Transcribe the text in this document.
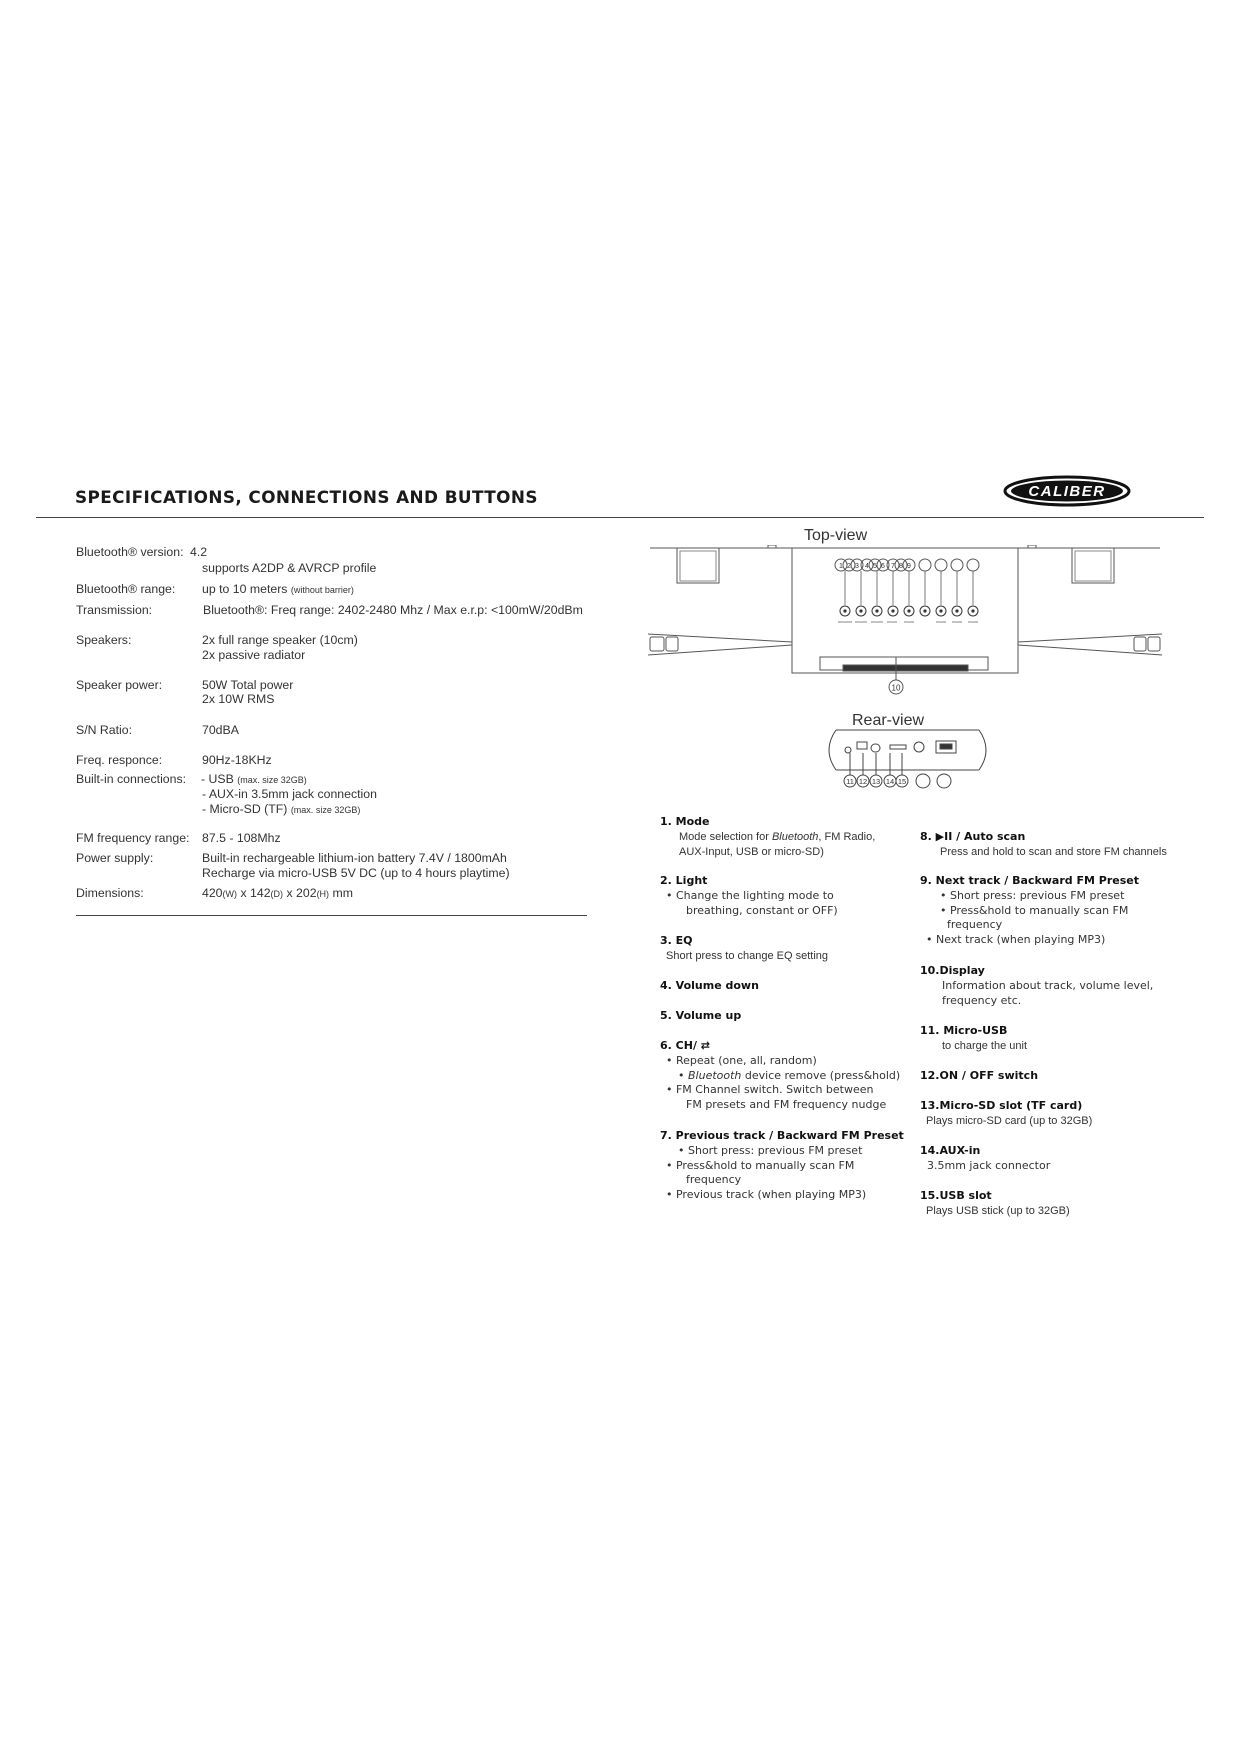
SPECIFICATIONS, CONNECTIONS AND BUTTONS	CALIBER
Bluetooth® version: 4.2
supports A2DP & AVRCP profile
Bluetooth® range: up to 10 meters (without barrier)
Transmission:	Bluetooth®: Freq range: 2402-2480 Mhz / Max e.r.p: <100mW/20dBm
Speakers:	2x full range speaker (10cm)
2x passive radiator
Speaker power:	50W Total power
2x 10W RMS
S/N Ratio:	70dBA
Freq. responce:	90Hz-18KHz
Built-in connections: - USB (max. size 32GB)
- AUX-in 3.5mm jack connection
- Micro-SD (TF) (max. size 32GB)
FM frequency range: 87.5 - 108Mhz
Power supply:	Built-in rechargeable lithium-ion battery 7.4V / 1800mAh
Recharge via micro-USB 5V DC (up to 4 hours playtime)
Dimensions:	420(W) x 142(D) x 202(H) mm
Top-view
10
1 2 3 4 5 6 7 8 9
Rear-view
11 12 13 14 15
1. Mode
Mode selection for Bluetooth, FM Radio,
AUX-Input, USB or micro-SD)
2. Light
• Change the lighting mode to
breathing, constant or OFF)
3. EQ
Short press to change EQ setting
4. Volume down
5. Volume up
6. CH/ ⇄
• Repeat (one, all, random)
• Bluetooth device remove (press&hold)
• FM Channel switch. Switch between
FM presets and FM frequency nudge
7. Previous track / Backward FM Preset
• Short press: previous FM preset
• Press&hold to manually scan FM
frequency
• Previous track (when playing MP3)
8. ▶II / Auto scan
Press and hold to scan and store FM channels
9. Next track / Backward FM Preset
• Short press: previous FM preset
• Press&hold to manually scan FM
frequency
• Next track (when playing MP3)
10.Display
Information about track, volume level,
frequency etc.
11. Micro-USB
to charge the unit
12.ON / OFF switch
13.Micro-SD slot (TF card)
Plays micro-SD card (up to 32GB)
14.AUX-in
3.5mm jack connector
15.USB slot
Plays USB stick (up to 32GB)
